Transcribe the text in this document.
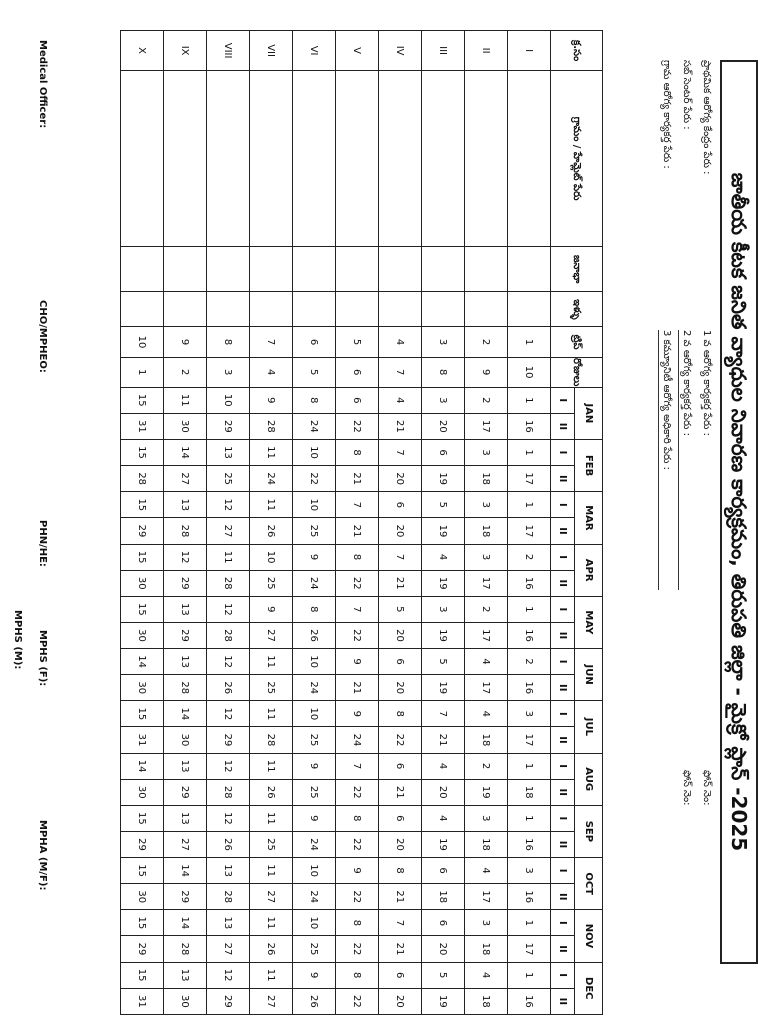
జాతీయ కీటక జనిత వ్యాధుల నివారణ కార్యక్రమం, తిరుపతి జిల్లా - మైక్రో ప్లాన్ -2025
ప్రాథమిక ఆరోగ్య కేంద్రం పేరు :
సబ్ సెంటర్ పేరు :
గ్రామ ఆరోగ్య కార్యకర్త పేరు :
1 వ ఆరోగ్య కార్యకర్త పేరు :
2 వ ఆరోగ్య కార్యకర్త పేరు :
3 కమ్యూనిటీ ఆరోగ్య అధికారి పేరు :
ఫోన్ నెం:
ఫోన్ నెం:
క్ర.సం	గ్రామం / హేమ్లెట్ పేరు	జనాభా	ఇళ్ళు	ట్రిప్	రోజులు	JAN		FEB		MAR		APR		MAY		JUN		JUL		AUG		SEP		OCT		NOV		DEC	
						I	II	I	II	I	II	I	II	I	II	I	II	I	II	I	II	I	II	I	II	I	II	I	II
I				1	10	1	16	1	17	1	17	2	16	1	16	2	16	3	17	1	18	1	16	3	16	1	17	1	16
II				2	9	2	17	3	18	3	18	3	17	2	17	4	17	4	18	2	19	3	18	4	17	3	18	4	18
III				3	8	3	20	6	19	5	19	4	19	3	19	5	19	7	21	4	20	4	19	6	18	6	20	5	19
IV				4	7	4	21	7	20	6	20	7	21	5	20	6	20	8	22	6	21	6	20	8	21	7	21	6	20
V				5	6	6	22	8	21	7	21	8	22	7	22	9	21	9	24	7	22	8	22	9	22	8	22	8	22
VI				6	5	8	24	10	22	10	25	9	24	8	26	10	24	10	25	9	25	9	24	10	24	10	25	9	26
VII				7	4	9	28	11	24	11	26	10	25	9	27	11	25	11	28	11	26	11	25	11	27	11	26	11	27
VIII				8	3	10	29	13	25	12	27	11	28	12	28	12	26	12	29	12	28	12	26	13	28	13	27	12	29
IX				9	2	11	30	14	27	13	28	12	29	13	29	13	28	14	30	13	29	13	27	14	29	14	28	13	30
X				10	1	15	31	15	28	15	29	15	30	15	30	14	30	15	31	14	30	15	29	15	30	15	29	15	31
Medical Officer:
CHO/MPHEO:
PHN/HE:
MPHS (M): MPHS (F):
MPHA (M/F):
